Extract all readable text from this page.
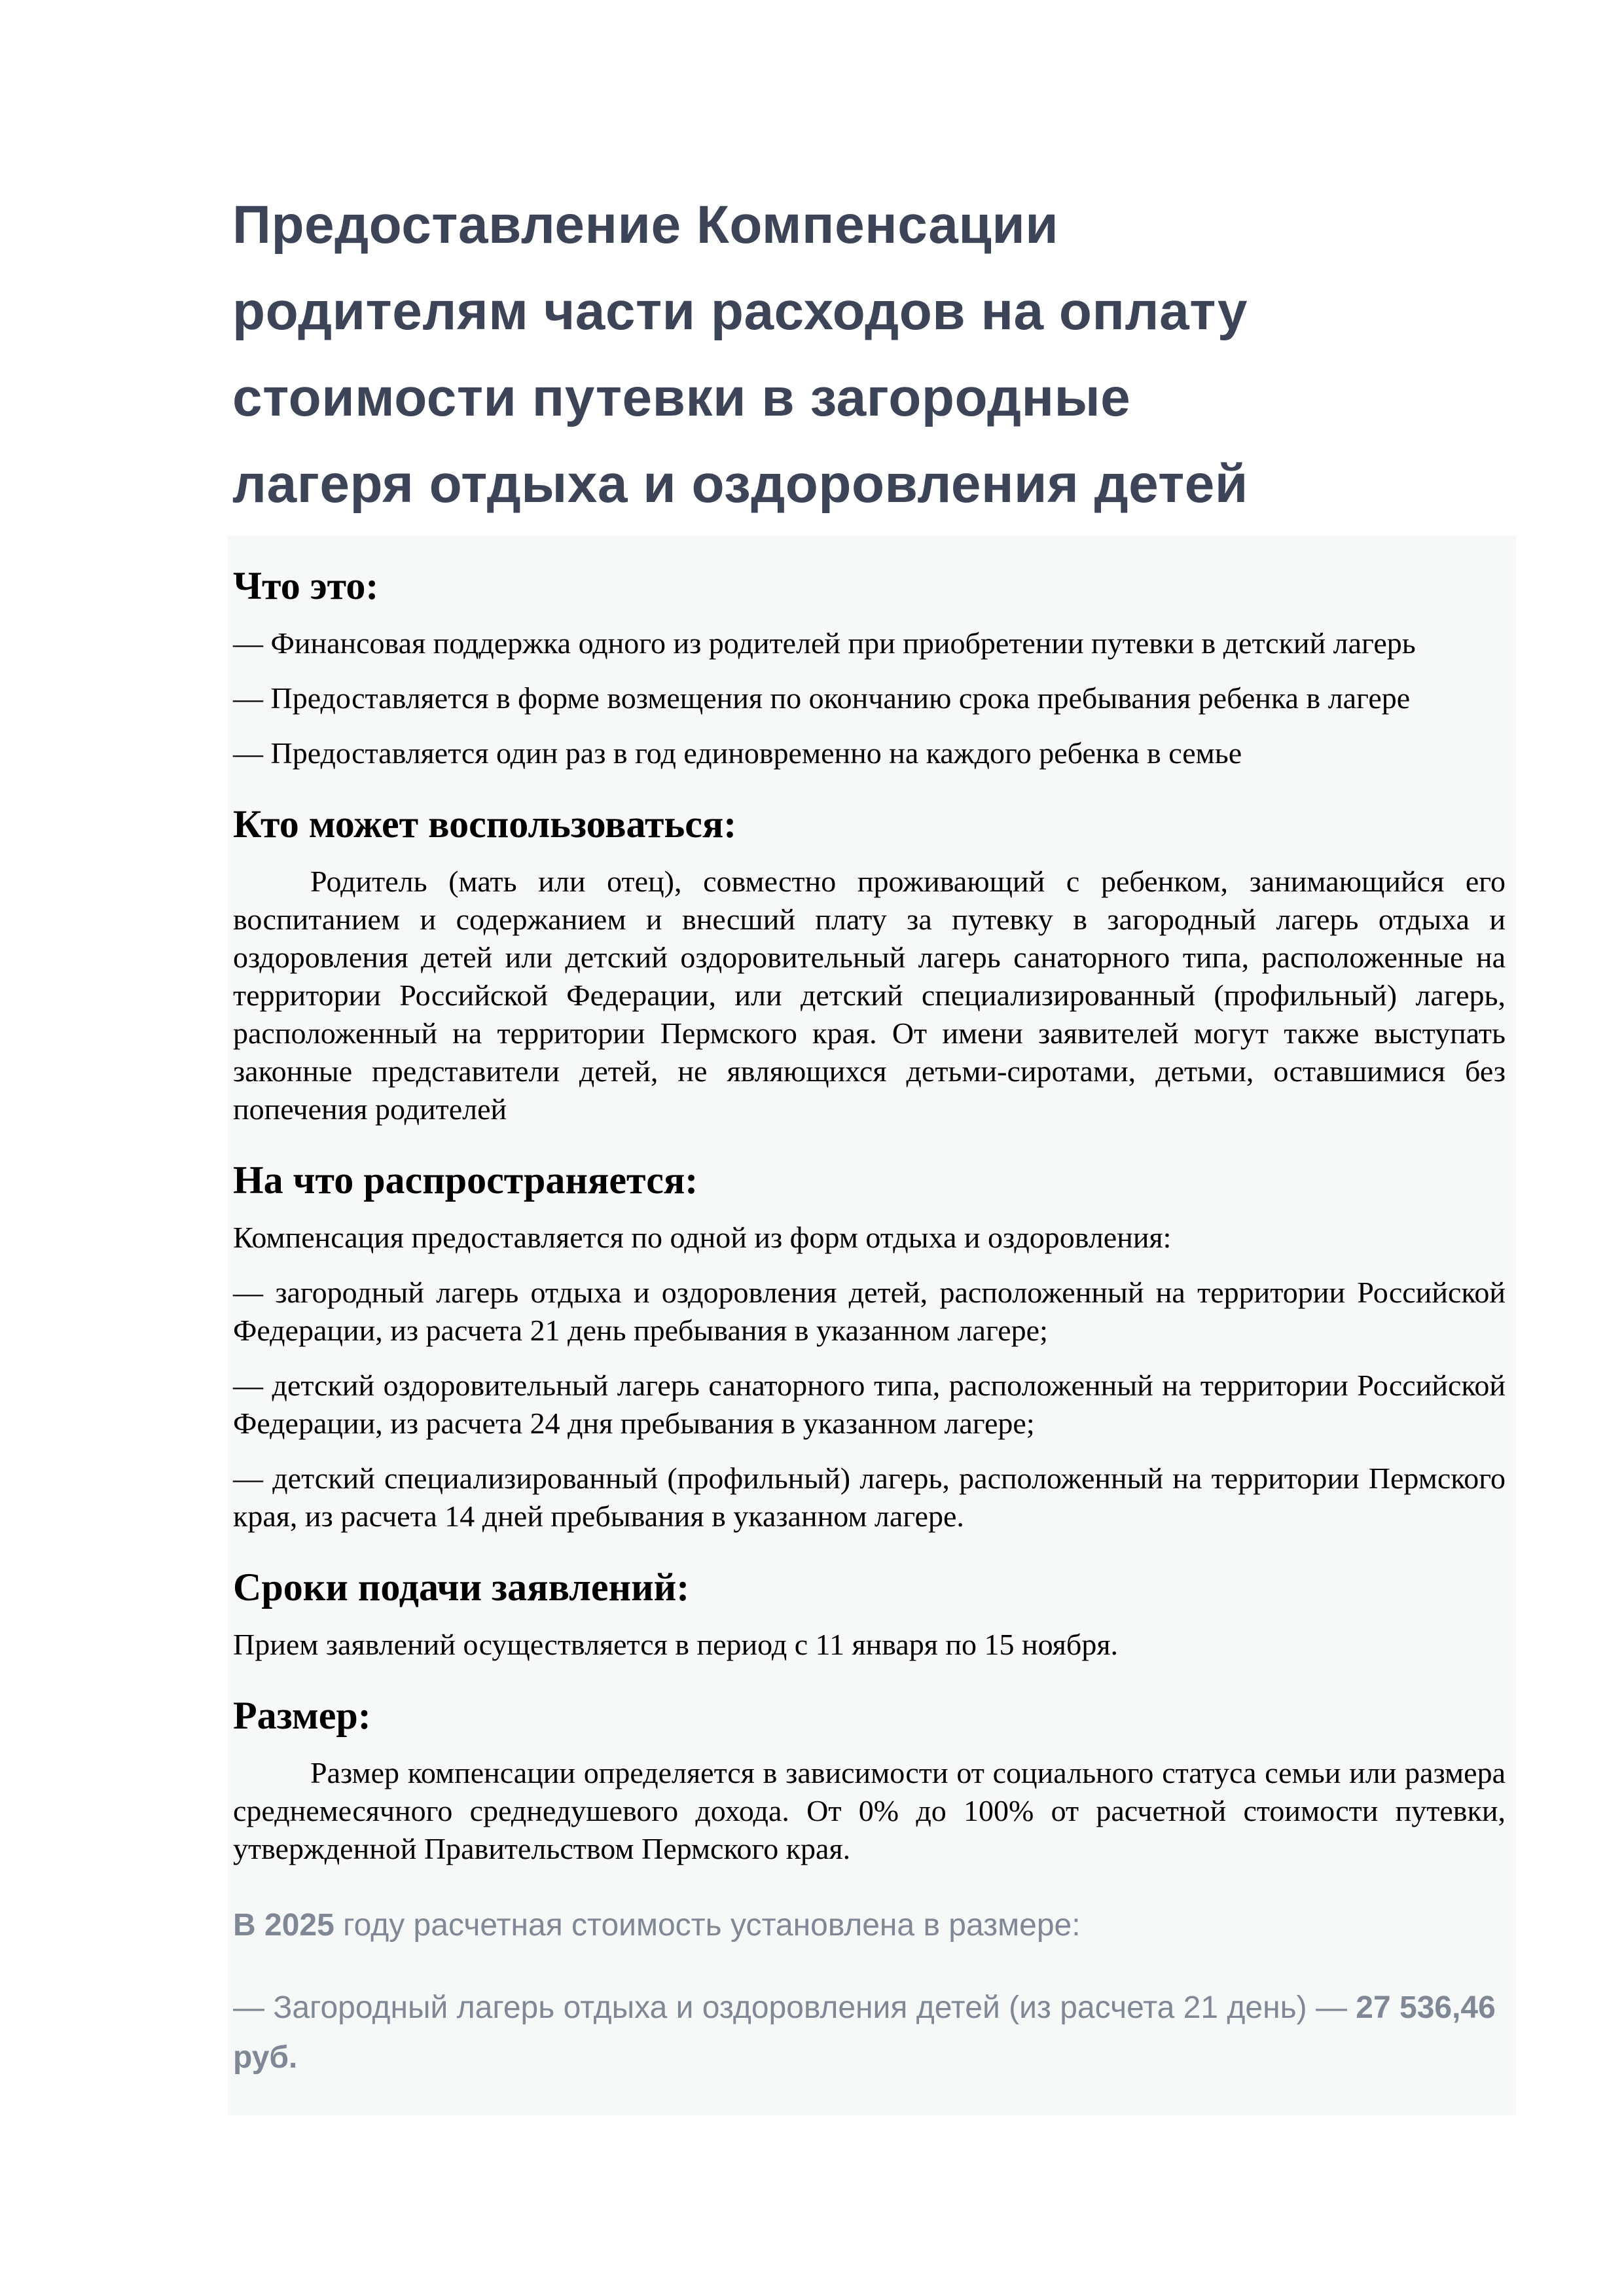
Предоставление Компенсации
родителям части расходов на оплату
стоимости путевки в загородные
лагеря отдыха и оздоровления детей
Что это:

— Финансовая поддержка одного из родителей при приобретении путевки в детский лагерь

— Предоставляется в форме возмещения по окончанию срока пребывания ребенка в лагере

— Предоставляется один раз в год единовременно на каждого ребенка в семье

Кто может воспользоваться:

Родитель (мать или отец), совместно проживающий с ребенком, занимающийся его воспитанием и содержанием и внесший плату за путевку в загородный лагерь отдыха и оздоровления детей или детский оздоровительный лагерь санаторного типа, расположенные на территории Российской Федерации, или детский специализированный (профильный) лагерь, расположенный на территории Пермского края. От имени заявителей могут также выступать законные представители детей, не являющихся детьми-сиротами, детьми, оставшимися без попечения родителей

На что распространяется:

Компенсация предоставляется по одной из форм отдыха и оздоровления:

— загородный лагерь отдыха и оздоровления детей, расположенный на территории Российской Федерации, из расчета 21 день пребывания в указанном лагере;

— детский оздоровительный лагерь санаторного типа, расположенный на территории Российской Федерации, из расчета 24 дня пребывания в указанном лагере;

— детский специализированный (профильный) лагерь, расположенный на территории Пермского края, из расчета 14 дней пребывания в указанном лагере.

Сроки подачи заявлений:

Прием заявлений осуществляется в период с 11 января по 15 ноября.

Размер:

Размер компенсации определяется в зависимости от социального статуса семьи или размера среднемесячного среднедушевого дохода. От 0% до 100% от расчетной стоимости путевки, утвержденной Правительством Пермского края.

В 2025 году расчетная стоимость установлена в размере:

— Загородный лагерь отдыха и оздоровления детей (из расчета 21 день) — 27 536,46 руб.
